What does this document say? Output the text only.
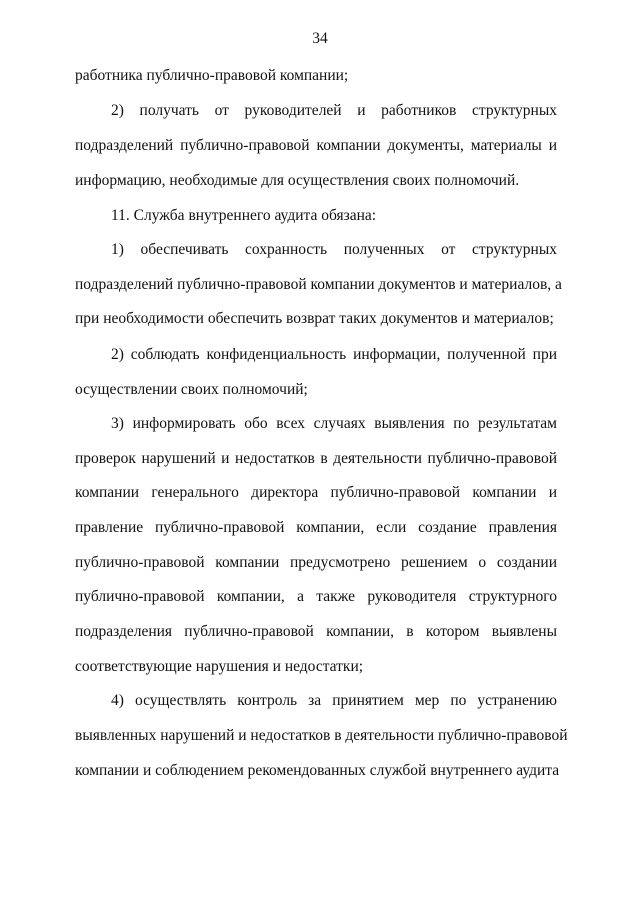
34
работника публично-правовой компании;
2) получать от руководителей и работников структурных
подразделений публично-правовой компании документы, материалы и
информацию, необходимые для осуществления своих полномочий.
11. Служба внутреннего аудита обязана:
1) обеспечивать сохранность полученных от структурных
подразделений публично-правовой компании документов и материалов, а
при необходимости обеспечить возврат таких документов и материалов;
2) соблюдать конфиденциальность информации, полученной при
осуществлении своих полномочий;
3) информировать обо всех случаях выявления по результатам
проверок нарушений и недостатков в деятельности публично-правовой
компании генерального директора публично-правовой компании и
правление публично-правовой компании, если создание правления
публично-правовой компании предусмотрено решением о создании
публично-правовой компании, а также руководителя структурного
подразделения публично-правовой компании, в котором выявлены
соответствующие нарушения и недостатки;
4) осуществлять контроль за принятием мер по устранению
выявленных нарушений и недостатков в деятельности публично-правовой
компании и соблюдением рекомендованных службой внутреннего аудита
